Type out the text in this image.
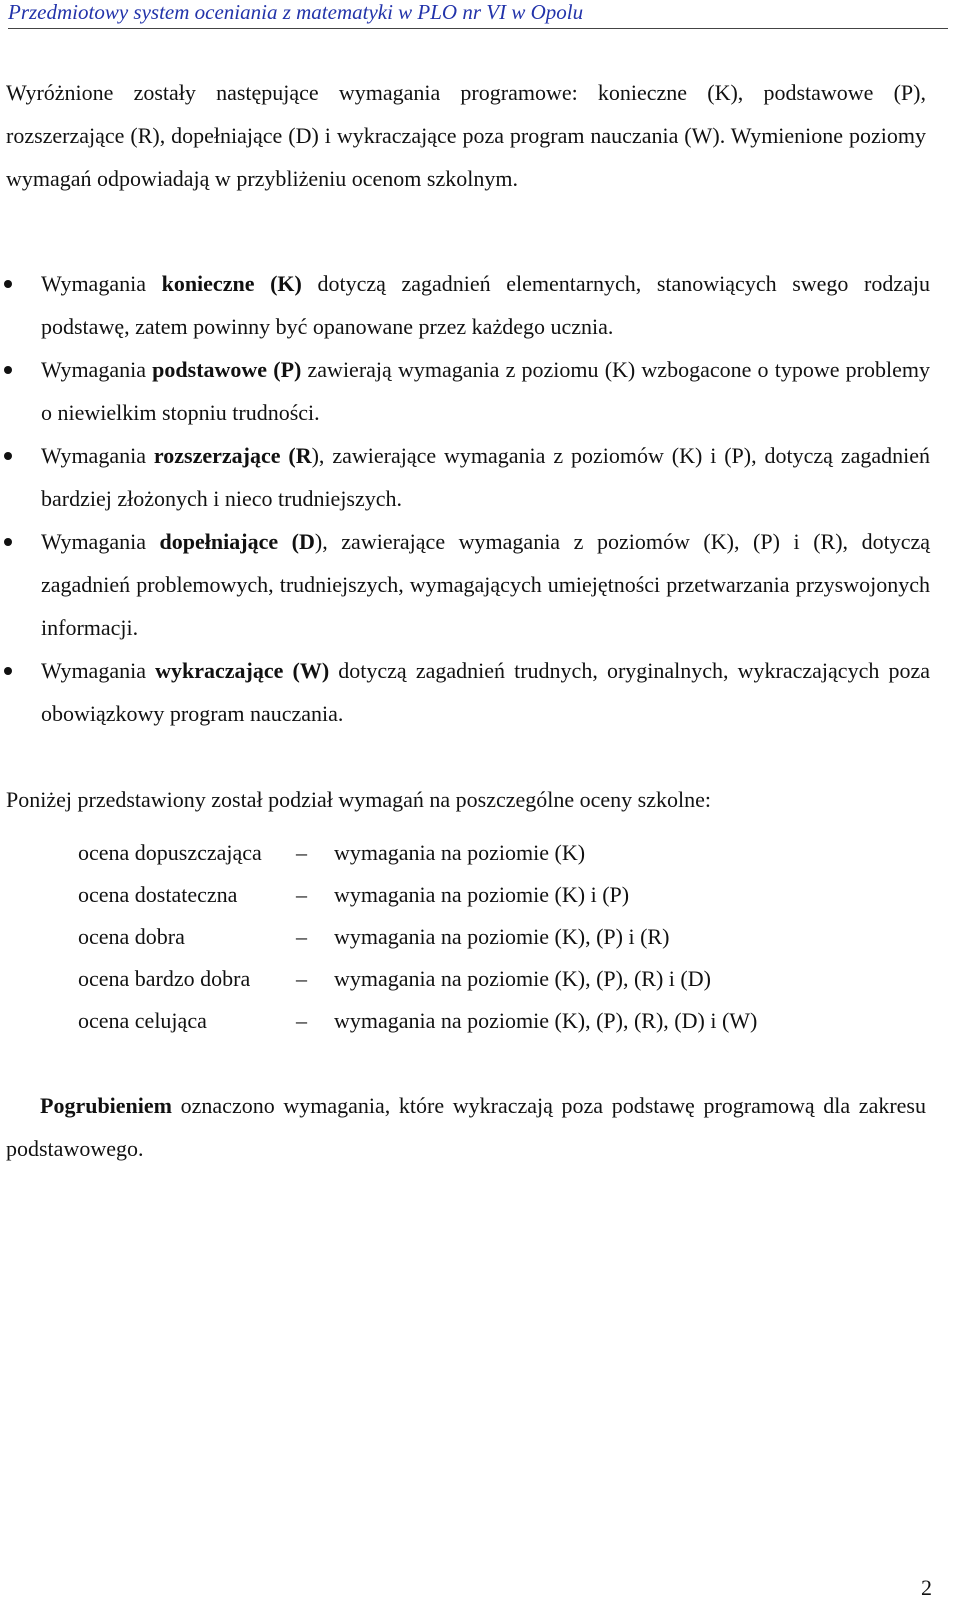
Przedmiotowy system oceniania z matematyki w PLO nr VI w Opolu

Wyróżnione zostały następujące wymagania programowe: konieczne (K), podstawowe (P), rozszerzające (R), dopełniające (D) i wykraczające poza program nauczania (W). Wymienione poziomy wymagań odpowiadają w przybliżeniu ocenom szkolnym.

Wymagania konieczne (K) dotyczą zagadnień elementarnych, stanowiących swego rodzaju podstawę, zatem powinny być opanowane przez każdego ucznia.
Wymagania podstawowe (P) zawierają wymagania z poziomu (K) wzbogacone o typowe problemy o niewielkim stopniu trudności.
Wymagania rozszerzające (R), zawierające wymagania z poziomów (K) i (P), dotyczą zagadnień bardziej złożonych i nieco trudniejszych.
Wymagania dopełniające (D), zawierające wymagania z poziomów (K), (P) i (R), dotyczą zagadnień problemowych, trudniejszych, wymagających umiejętności przetwarzania przyswojonych informacji.
Wymagania wykraczające (W) dotyczą zagadnień trudnych, oryginalnych, wykraczających poza obowiązkowy program nauczania.

Poniżej przedstawiony został podział wymagań na poszczególne oceny szkolne:

ocena dopuszczająca	–	wymagania na poziomie (K)
ocena dostateczna	–	wymagania na poziomie (K) i (P)
ocena dobra	–	wymagania na poziomie (K), (P) i (R)
ocena bardzo dobra	–	wymagania na poziomie (K), (P), (R) i (D)
ocena celująca	–	wymagania na poziomie (K), (P), (R), (D) i (W)

Pogrubieniem oznaczono wymagania, które wykraczają poza podstawę programową dla zakresu podstawowego.

2
